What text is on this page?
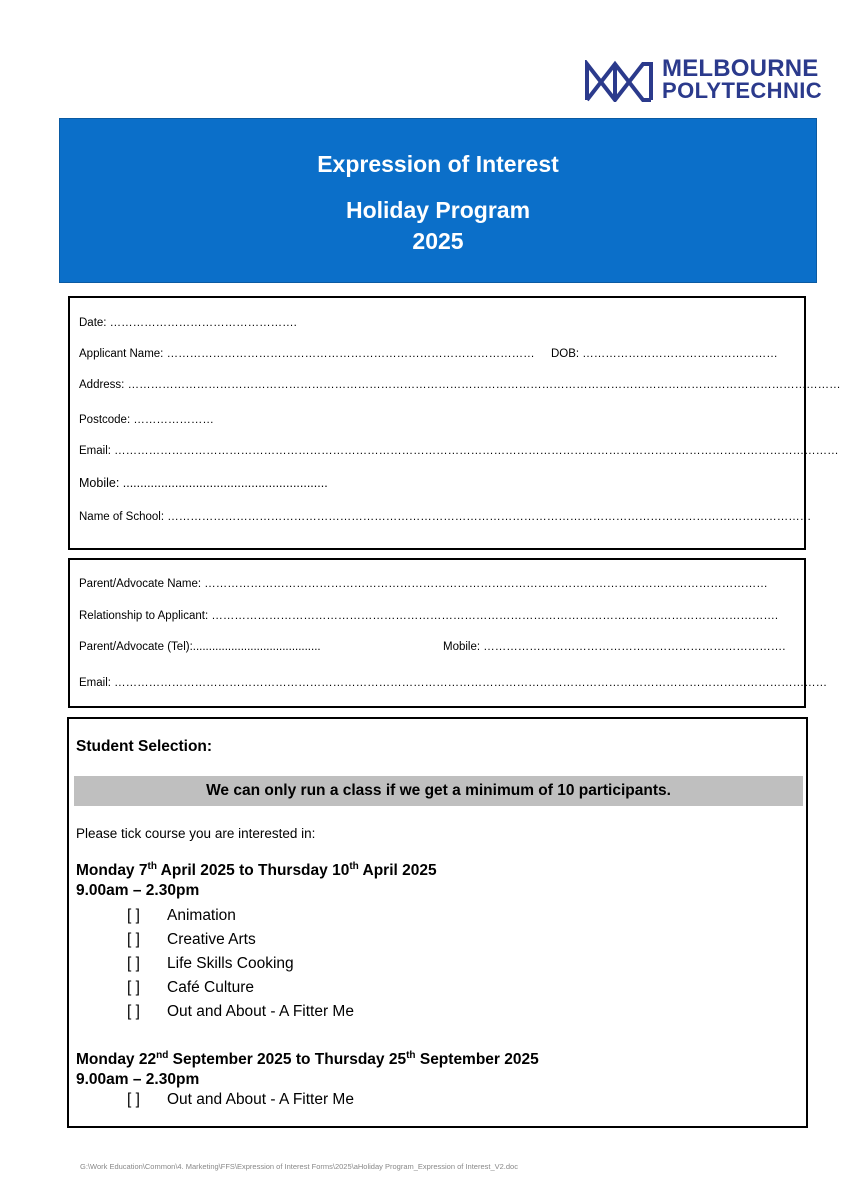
MELBOURNE
POLYTECHNIC
Expression of Interest
Holiday Program
2025
Date: ………………………………………….
Applicant Name: …………………………………………………………………………………… DOB: ……………………………………………
Address: ……………………………………………………………………………………………………………………………………………………………………
Postcode: …………………
Email: ………………………………………………………………………………………………………………………………………………………………………
Mobile: ...........................................................
Name of School: ……………………………………………………………………………………………………………………………………………………
Parent/Advocate Name: …………………………………………………………………………………………………………………………………
Relationship to Applicant: ………………………………………………………………………………………………………………………………….
Parent/Advocate (Tel):........................................	Mobile: …………………………………………………………………….
Email: ……………………………………………………………………………………………………………………………………………………………………
Student Selection:
We can only run a class if we get a minimum of 10 participants.
Please tick course you are interested in:
Monday 7th April 2025 to Thursday 10th April 2025
9.00am – 2.30pm
[ ] Animation
[ ] Creative Arts
[ ] Life Skills Cooking
[ ] Café Culture
[ ] Out and About - A Fitter Me
Monday 22nd September 2025 to Thursday 25th September 2025
9.00am – 2.30pm
[ ] Out and About - A Fitter Me
G:\Work Education\Common\4. Marketing\FFS\Expression of Interest Forms\2025\aHoliday Program_Expression of Interest_V2.doc
